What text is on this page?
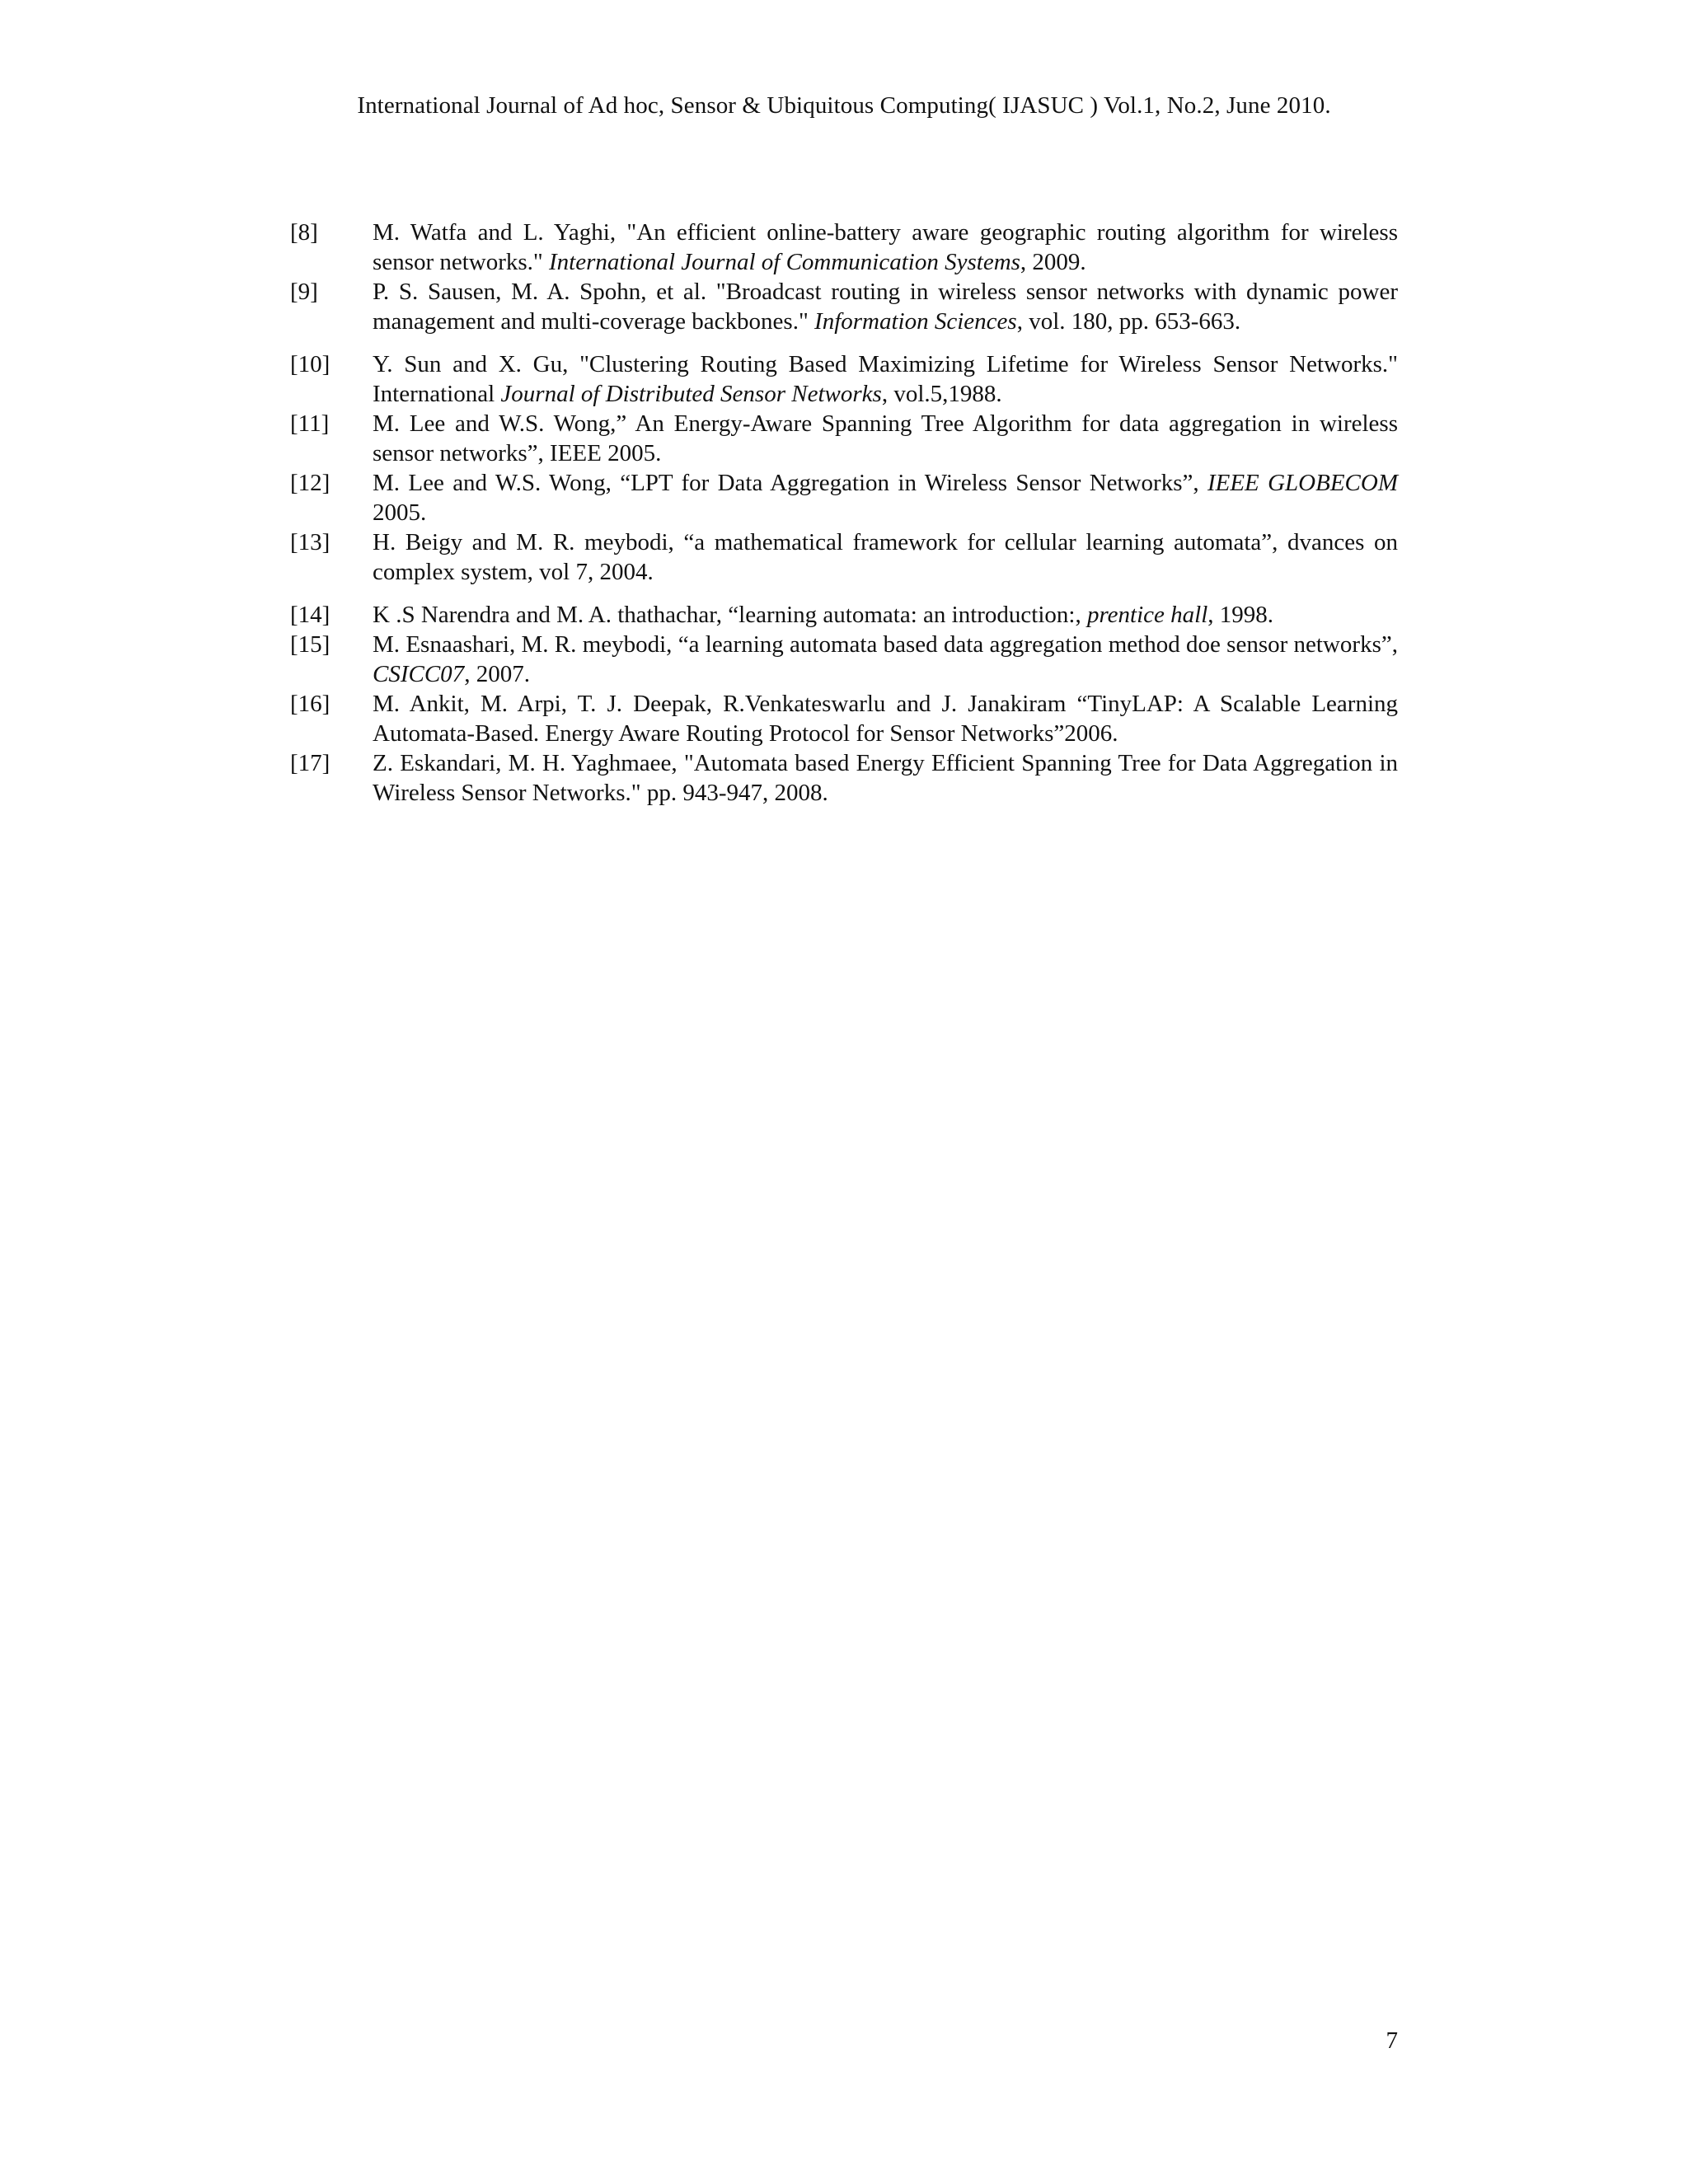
International Journal of Ad hoc, Sensor & Ubiquitous Computing( IJASUC ) Vol.1, No.2, June 2010.
[8] M. Watfa and L. Yaghi, "An efficient online-battery aware geographic routing algorithm for wireless sensor networks." International Journal of Communication Systems, 2009.
[9] P. S. Sausen, M. A. Spohn, et al. "Broadcast routing in wireless sensor networks with dynamic power management and multi-coverage backbones." Information Sciences, vol. 180, pp. 653-663.
[10] Y. Sun and X. Gu, "Clustering Routing Based Maximizing Lifetime for Wireless Sensor Networks." International Journal of Distributed Sensor Networks, vol.5,1988.
[11] M. Lee and W.S. Wong,” An Energy-Aware Spanning Tree Algorithm for data aggregation in wireless sensor networks”, IEEE 2005.
[12] M. Lee and W.S. Wong, “LPT for Data Aggregation in Wireless Sensor Networks”, IEEE GLOBECOM 2005.
[13] H. Beigy and M. R. meybodi, “a mathematical framework for cellular learning automata”, dvances on complex system, vol 7, 2004.
[14] K .S Narendra and M. A. thathachar, “learning automata: an introduction:, prentice hall, 1998.
[15] M. Esnaashari, M. R. meybodi, “a learning automata based data aggregation method doe sensor networks”, CSICC07, 2007.
[16] M. Ankit, M. Arpi, T. J. Deepak, R.Venkateswarlu and J. Janakiram “TinyLAP: A Scalable Learning Automata-Based. Energy Aware Routing Protocol for Sensor Networks”2006.
[17] Z. Eskandari, M. H. Yaghmaee, "Automata based Energy Efficient Spanning Tree for Data Aggregation in Wireless Sensor Networks." pp. 943-947, 2008.
7
